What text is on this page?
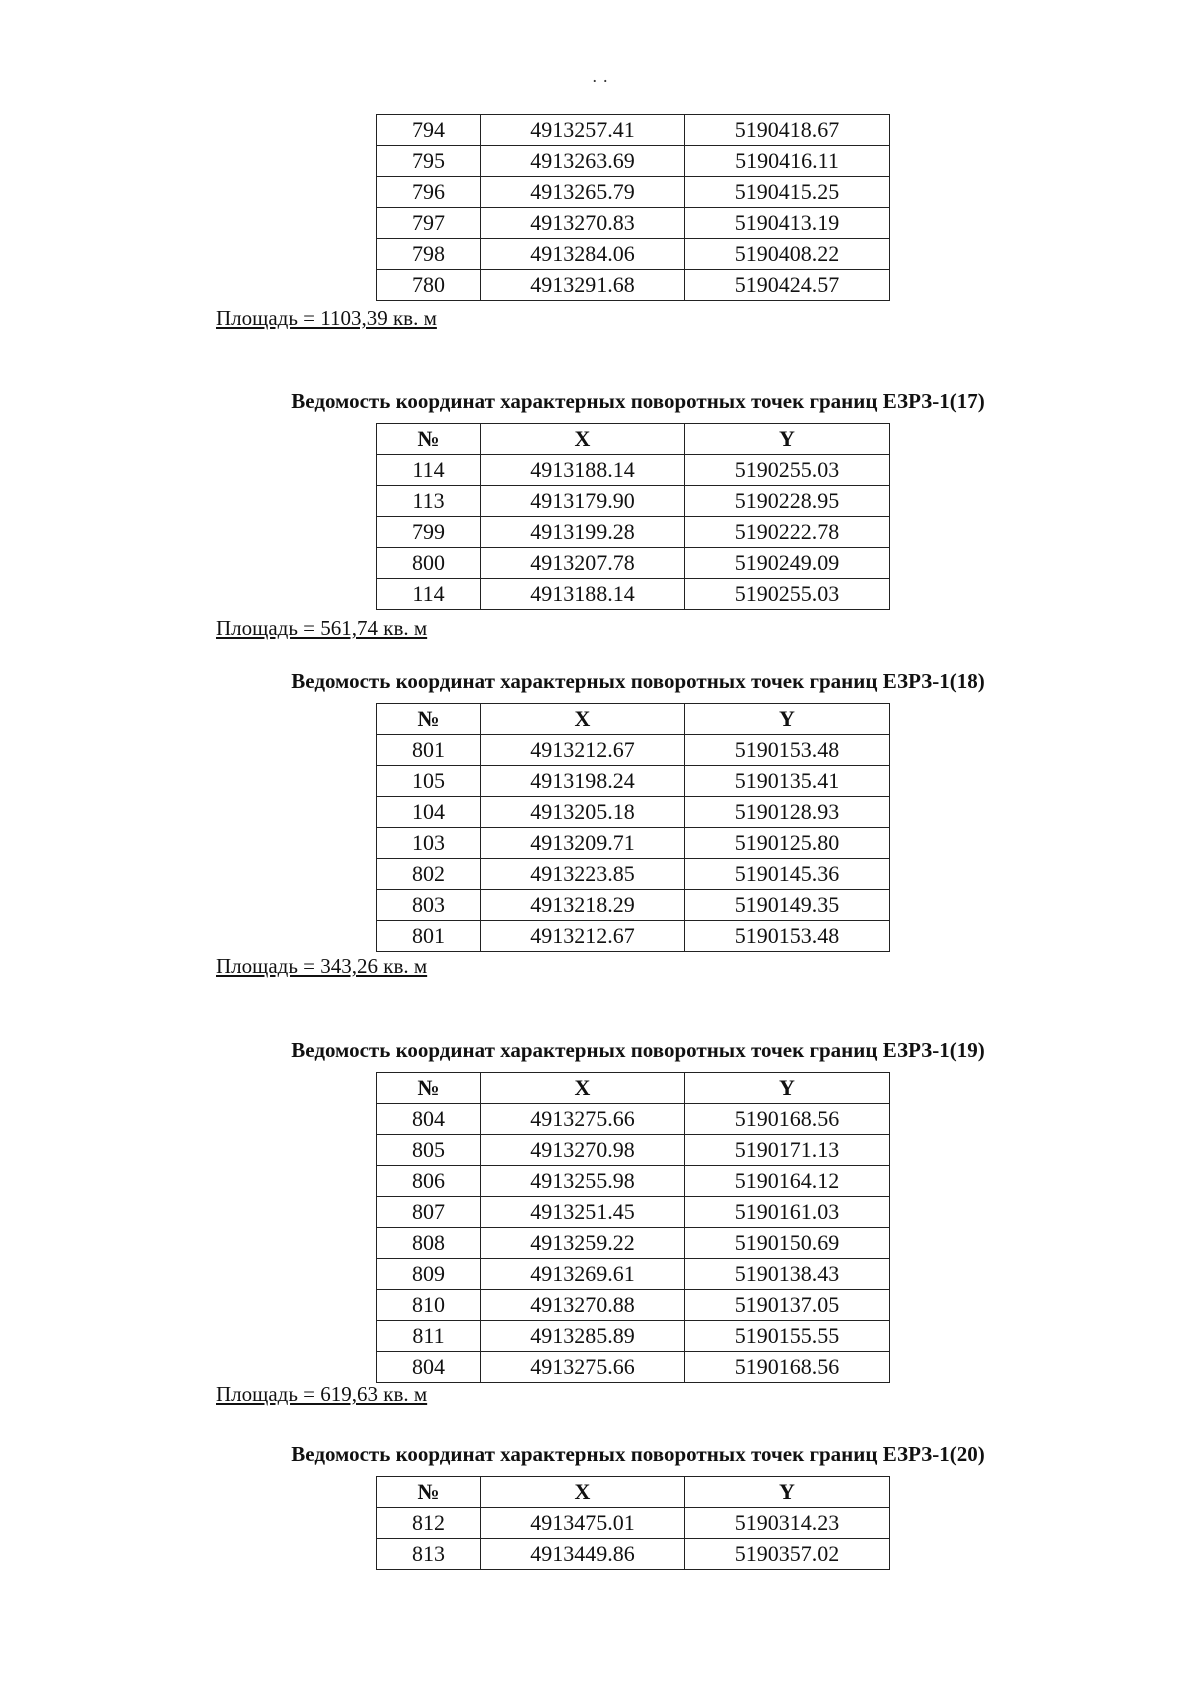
· ·
794	4913257.41	5190418.67
795	4913263.69	5190416.11
796	4913265.79	5190415.25
797	4913270.83	5190413.19
798	4913284.06	5190408.22
780	4913291.68	5190424.57
Площадь = 1103,39 кв. м
Ведомость координат характерных поворотных точек границ ЕЗРЗ-1(17)
№	X	Y
114	4913188.14	5190255.03
113	4913179.90	5190228.95
799	4913199.28	5190222.78
800	4913207.78	5190249.09
114	4913188.14	5190255.03
Площадь = 561,74 кв. м
Ведомость координат характерных поворотных точек границ ЕЗРЗ-1(18)
№	X	Y
801	4913212.67	5190153.48
105	4913198.24	5190135.41
104	4913205.18	5190128.93
103	4913209.71	5190125.80
802	4913223.85	5190145.36
803	4913218.29	5190149.35
801	4913212.67	5190153.48
Площадь = 343,26 кв. м
Ведомость координат характерных поворотных точек границ ЕЗРЗ-1(19)
№	X	Y
804	4913275.66	5190168.56
805	4913270.98	5190171.13
806	4913255.98	5190164.12
807	4913251.45	5190161.03
808	4913259.22	5190150.69
809	4913269.61	5190138.43
810	4913270.88	5190137.05
811	4913285.89	5190155.55
804	4913275.66	5190168.56
Площадь = 619,63 кв. м
Ведомость координат характерных поворотных точек границ ЕЗРЗ-1(20)
№	X	Y
812	4913475.01	5190314.23
813	4913449.86	5190357.02
